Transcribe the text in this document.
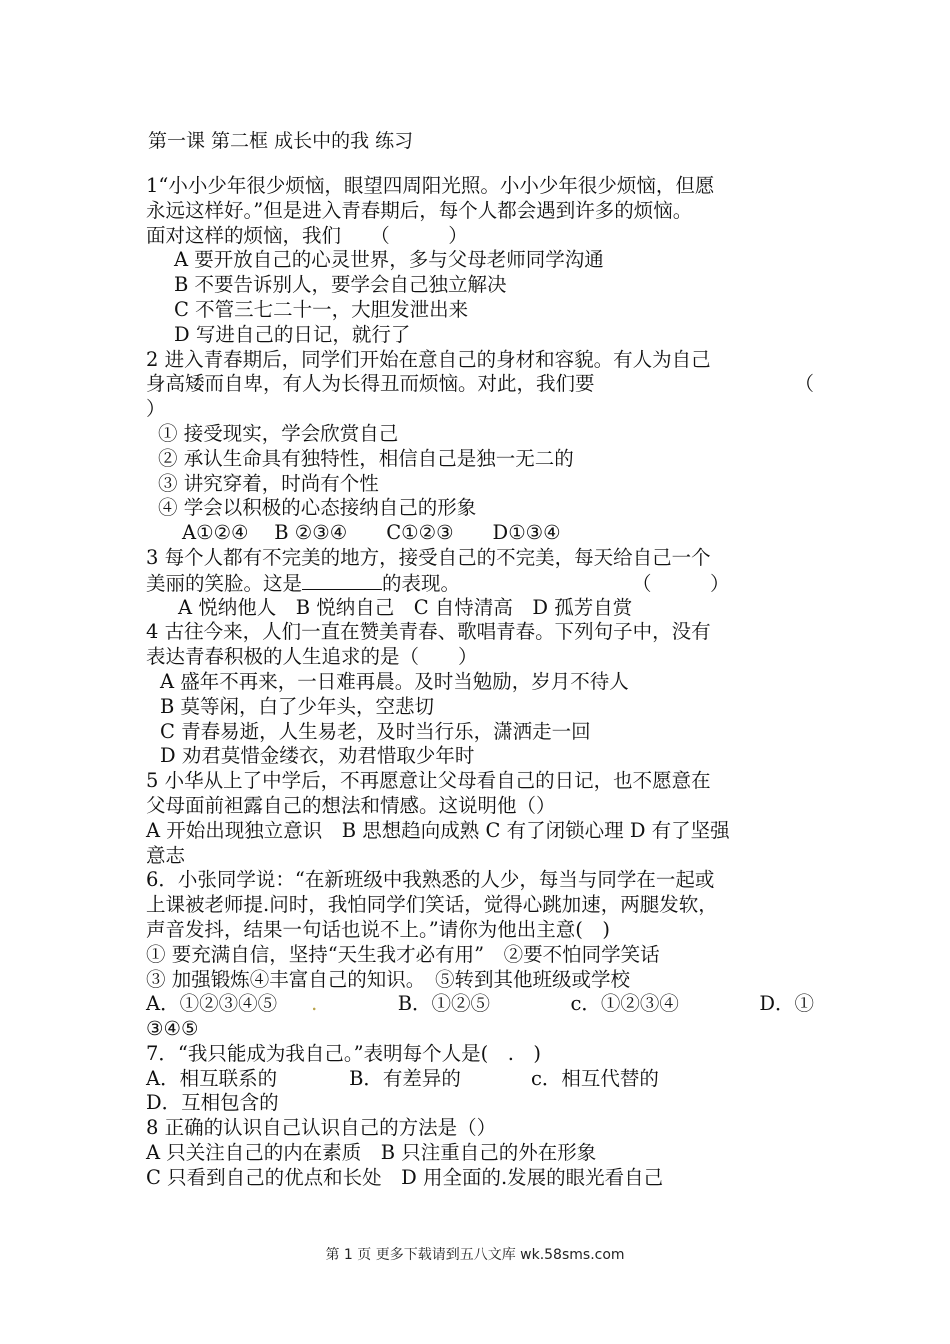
第一课 第二框 成长中的我 练习
1“小小少年很少烦恼，眼望四周阳光照。小小少年很少烦恼，但愿
永远这样好。”但是进入青春期后，每个人都会遇到许多的烦恼。
面对这样的烦恼，我们　　（　　　）
A 要开放自己的心灵世界，多与父母老师同学沟通
B 不要告诉别人，要学会自己独立解决
C 不管三七二十一，大胆发泄出来
D 写进自己的日记，就行了
2 进入青春期后，同学们开始在意自己的身材和容貌。有人为自己
身高矮而自卑，有人为长得丑而烦恼。对此，我们要	（
）
① 接受现实，学会欣赏自己
② 承认生命具有独特性，相信自己是独一无二的
③ 讲究穿着，时尚有个性
④ 学会以积极的心态接纳自己的形象
A①②④　 B ②③④　　C①②③　　D①③④
3 每个人都有不完美的地方，接受自己的不完美，每天给自己一个
美丽的笑脸。这是	的表现。	（　　　）
A 悦纳他人　B 悦纳自己　C 自恃清高　D 孤芳自赏
4 古往今来，人们一直在赞美青春、歌唱青春。下列句子中，没有
表达青春积极的人生追求的是（　　）
A 盛年不再来，一日难再晨。及时当勉励，岁月不待人
B 莫等闲，白了少年头，空悲切
C 青春易逝，人生易老，及时当行乐，潇洒走一回
D 劝君莫惜金缕衣，劝君惜取少年时
5 小华从上了中学后，不再愿意让父母看自己的日记，也不愿意在
父母面前袒露自己的想法和情感。这说明他（）
A 开始出现独立意识　B 思想趋向成熟 C 有了闭锁心理 D 有了坚强
意志
6．小张同学说：“在新班级中我熟悉的人少，每当与同学在一起或
上课被老师提.问时，我怕同学们笑话，觉得心跳加速，两腿发软，
声音发抖，结果一句话也说不上。”请你为他出主意(　)
① 要充满自信，坚持“天生我才必有用”　②要不怕同学笑话
③ 加强锻炼④丰富自己的知识。　⑤转到其他班级或学校
A．①②③④⑤ .	B．①②⑤	c．①②③④	D．①
③④⑤
7．“我只能成为我自己。”表明每个人是(　.　)
A．相互联系的	B．有差异的	c．相互代替的
D．互相包含的
8 正确的认识自己认识自己的方法是（）
A 只关注自己的内在素质　B 只注重自己的外在形象
C 只看到自己的优点和长处　D 用全面的.发展的眼光看自己
第 1 页 更多下载请到五八文库 wk.58sms.com
